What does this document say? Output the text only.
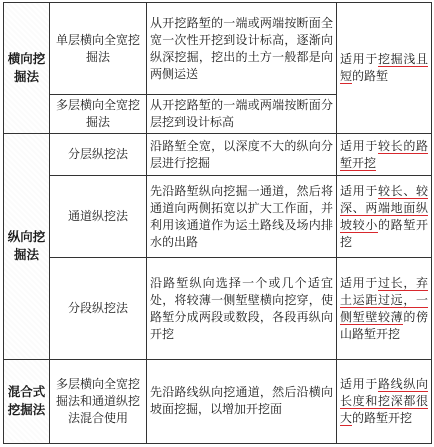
横向挖掘法	单层横向全宽挖掘法	从开挖路堑的一端或两端按断面全宽一次性开挖到设计标高，逐渐向纵深挖掘，挖出的土方一般都是向两侧运送	适用于挖掘浅且短的路堑
	多层横向全宽挖掘法	从开挖路堑的一端或两端按断面分层挖到设计标高	
纵向挖掘法	分层纵挖法	沿路堑全宽，以深度不大的纵向分层进行挖掘	适用于较长的路堑开挖
	通道纵挖法	先沿路堑纵向挖掘一通道，然后将通道向两侧拓宽以扩大工作面，并利用该通道作为运土路线及场内排水的出路	适用于较长、较深、两端地面纵坡较小的路堑开挖
	分段纵挖法	沿路堑纵向选择一个或几个适宜处，将较薄一侧堑壁横向挖穿，使路堑分成两段或数段，各段再纵向开挖	适用于过长，弃土运距过远，一侧堑壁较薄的傍山路堑开挖
混合式挖掘法	多层横向全宽挖掘法和通道纵挖法混合使用	先沿路线纵向挖通道，然后沿横向坡面挖掘，以增加开挖面	适用于路线纵向长度和挖深都很大的路堑开挖
